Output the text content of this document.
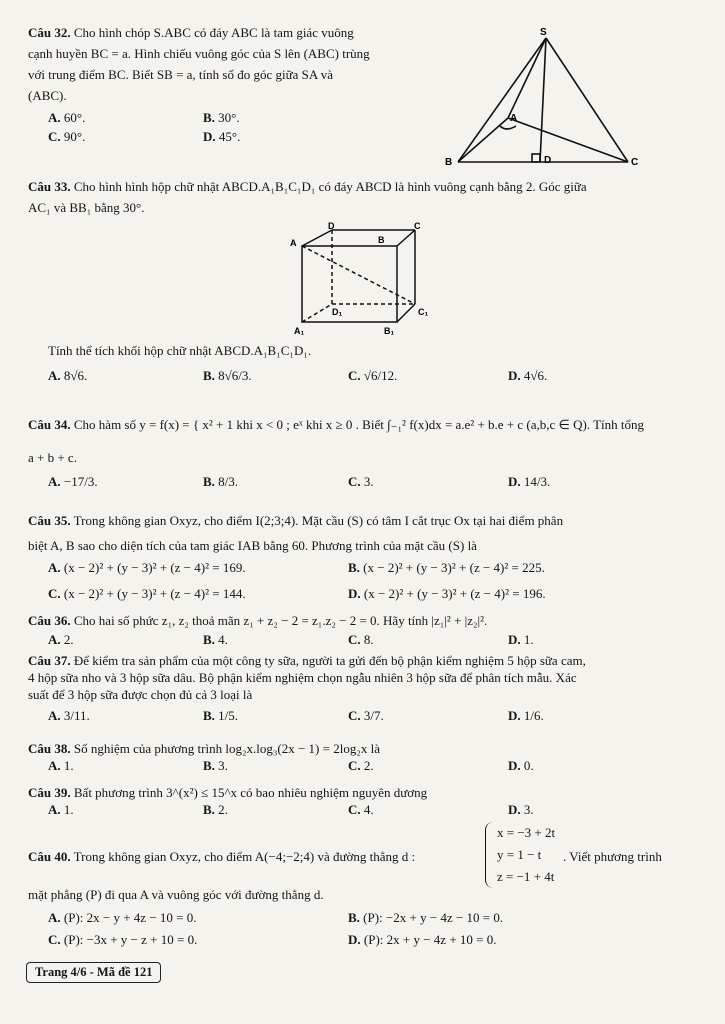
Câu 32. Cho hình chóp S.ABC có đáy ABC là tam giác vuông
cạnh huyền BC = a. Hình chiếu vuông góc của S lên (ABC) trùng
với trung điểm BC. Biết SB = a, tính số đo góc giữa SA và
(ABC).
A. 60°.	B. 30°.
C. 90°.	D. 45°.
S
A
B	D	C
Câu 33. Cho hình hình hộp chữ nhật ABCD.A₁B₁C₁D₁ có đáy ABCD là hình vuông cạnh bằng 2. Góc giữa
AC₁ và BB₁ bằng 30°.
D	C
A	B
D₁	C₁
A₁	B₁
Tính thể tích khối hộp chữ nhật ABCD.A₁B₁C₁D₁.
A. 8√6.	B. 8√6/3.	C. √6/12.	D. 4√6.
Câu 34. Cho hàm số y = f(x) = { x² + 1 khi x < 0 ; eˣ khi x ≥ 0 . Biết ∫₋₁² f(x)dx = a.e² + b.e + c (a,b,c ∈ Q). Tính tổng
a + b + c.
A. −17/3.	B. 8/3.	C. 3.	D. 14/3.
Câu 35. Trong không gian Oxyz, cho điểm I(2;3;4). Mặt cầu (S) có tâm I cắt trục Ox tại hai điểm phân
biệt A, B sao cho diện tích của tam giác IAB bằng 60. Phương trình của mặt cầu (S) là
A. (x − 2)² + (y − 3)² + (z − 4)² = 169.	B. (x − 2)² + (y − 3)² + (z − 4)² = 225.
C. (x − 2)² + (y − 3)² + (z − 4)² = 144.	D. (x − 2)² + (y − 3)² + (z − 4)² = 196.
Câu 36. Cho hai số phức z₁, z₂ thoả mãn z₁ + z₂ − 2 = z₁.z₂ − 2 = 0. Hãy tính |z₁|² + |z₂|².
A. 2.	B. 4.	C. 8.	D. 1.
Câu 37. Để kiểm tra sản phẩm của một công ty sữa, người ta gửi đến bộ phận kiểm nghiệm 5 hộp sữa cam,
4 hộp sữa nho và 3 hộp sữa dâu. Bộ phận kiểm nghiệm chọn ngẫu nhiên 3 hộp sữa để phân tích mẫu. Xác
suất để 3 hộp sữa được chọn đủ cả 3 loại là
A. 3/11.	B. 1/5.	C. 3/7.	D. 1/6.
Câu 38. Số nghiệm của phương trình log₂x.log₃(2x − 1) = 2log₂x là
A. 1.	B. 3.	C. 2.	D. 0.
Câu 39. Bất phương trình 3^(x²) ≤ 15^x có bao nhiêu nghiệm nguyên dương
A. 1.	B. 2.	C. 4.	D. 3.
Câu 40. Trong không gian Oxyz, cho điểm A(−4;−2;4) và đường thẳng d :
x = −3 + 2t
y = 1 − t
z = −1 + 4t
. Viết phương trình
mặt phẳng (P) đi qua A và vuông góc với đường thẳng d.
A. (P): 2x − y + 4z − 10 = 0.	B. (P): −2x + y − 4z − 10 = 0.
C. (P): −3x + y − z + 10 = 0.	D. (P): 2x + y − 4z + 10 = 0.
Trang 4/6 - Mã đề 121
